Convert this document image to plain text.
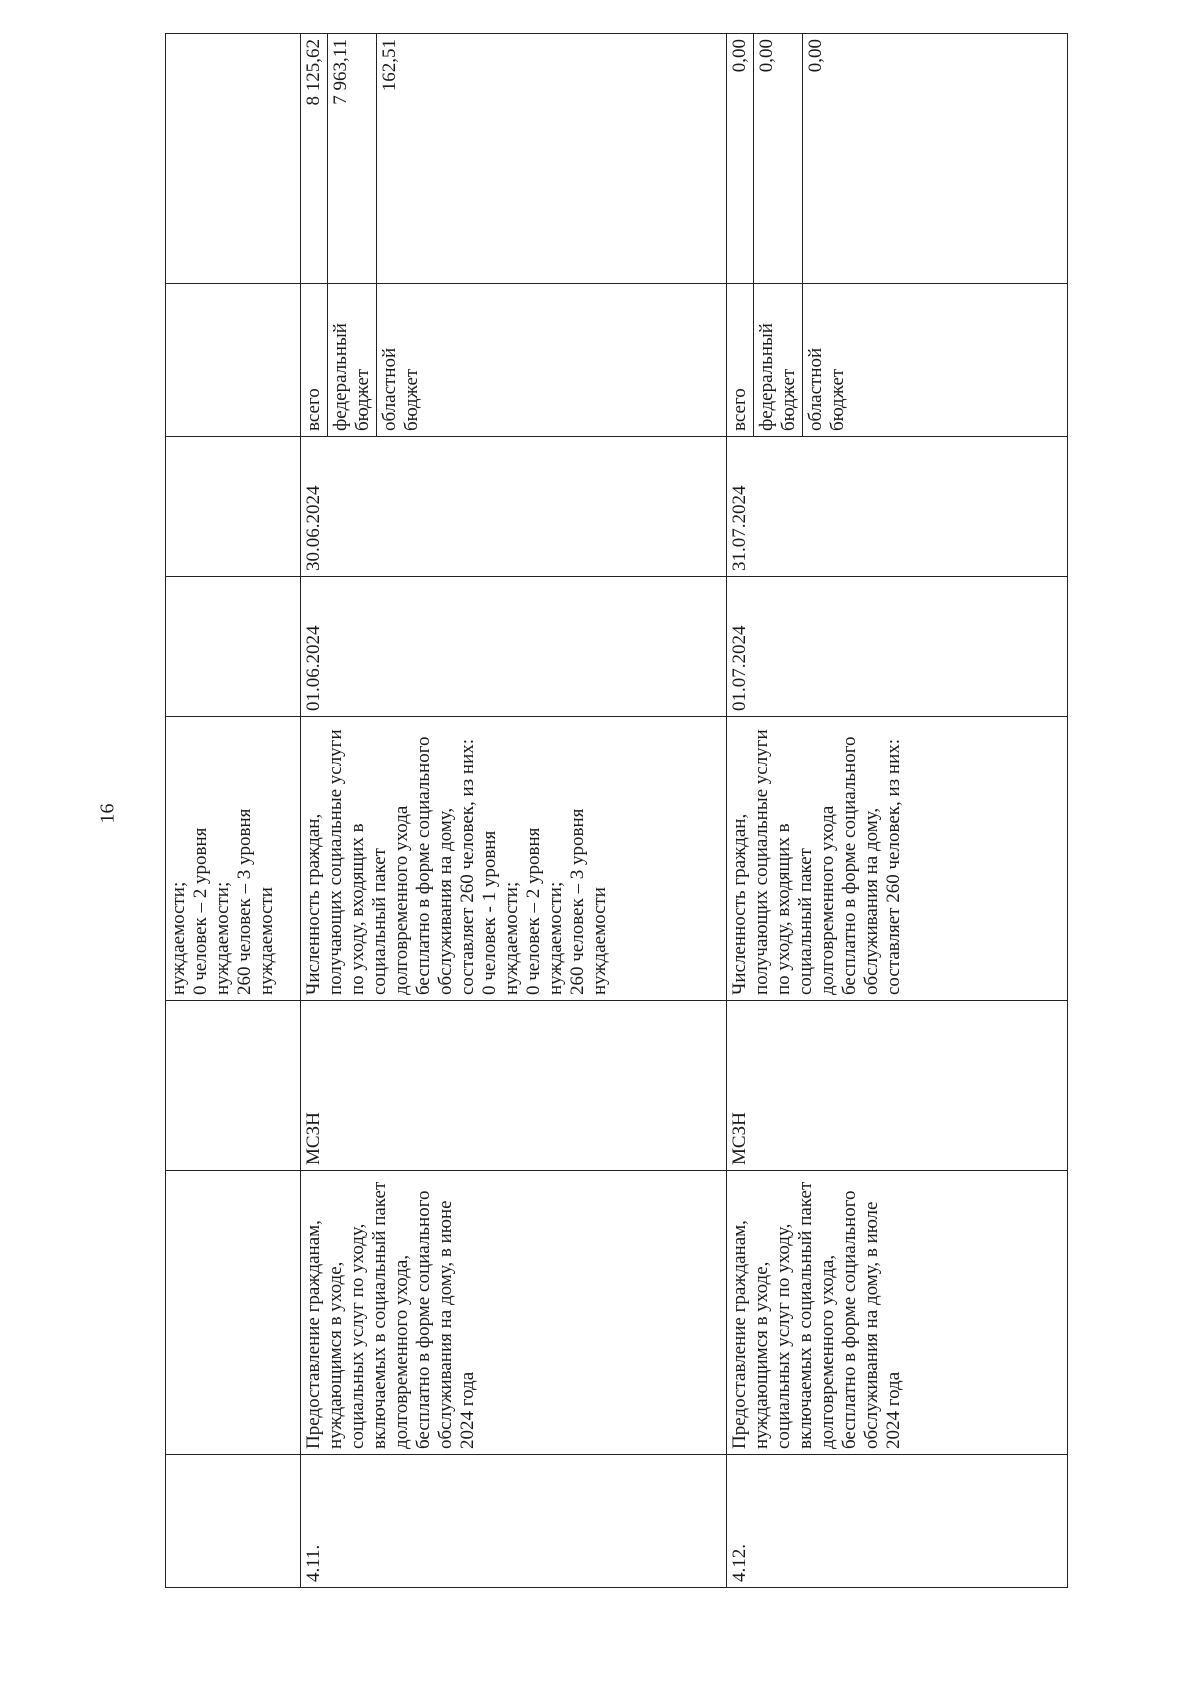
16
			нуждаемости;
0 человек – 2 уровня нуждаемости;
260 человек – 3 уровня нуждаемости				
4.11.	Предоставление гражданам, нуждающимся в уходе, социальных услуг по уходу, включаемых в социальный пакет долговременного ухода, бесплатно в форме социального обслуживания на дому, в июне 2024 года	МСЗН	Численность граждан, получающих социальные услуги по уходу, входящих в социальный пакет долговременного ухода бесплатно в форме социального обслуживания на дому, составляет 260 человек, из них:
0 человек - 1 уровня нуждаемости;
0 человек – 2 уровня нуждаемости;
260 человек – 3 уровня нуждаемости	01.06.2024	30.06.2024	всего	8 125,62
						федеральный бюджет	7 963,11
						областной бюджет	162,51
4.12.	Предоставление гражданам, нуждающимся в уходе, социальных услуг по уходу, включаемых в социальный пакет долговременного ухода, бесплатно в форме социального обслуживания на дому, в июле 2024 года	МСЗН	Численность граждан, получающих социальные услуги по уходу, входящих в социальный пакет долговременного ухода бесплатно в форме социального обслуживания на дому, составляет 260 человек, из них:	01.07.2024	31.07.2024	всего	0,00
						федеральный бюджет	0,00
						областной бюджет	0,00
